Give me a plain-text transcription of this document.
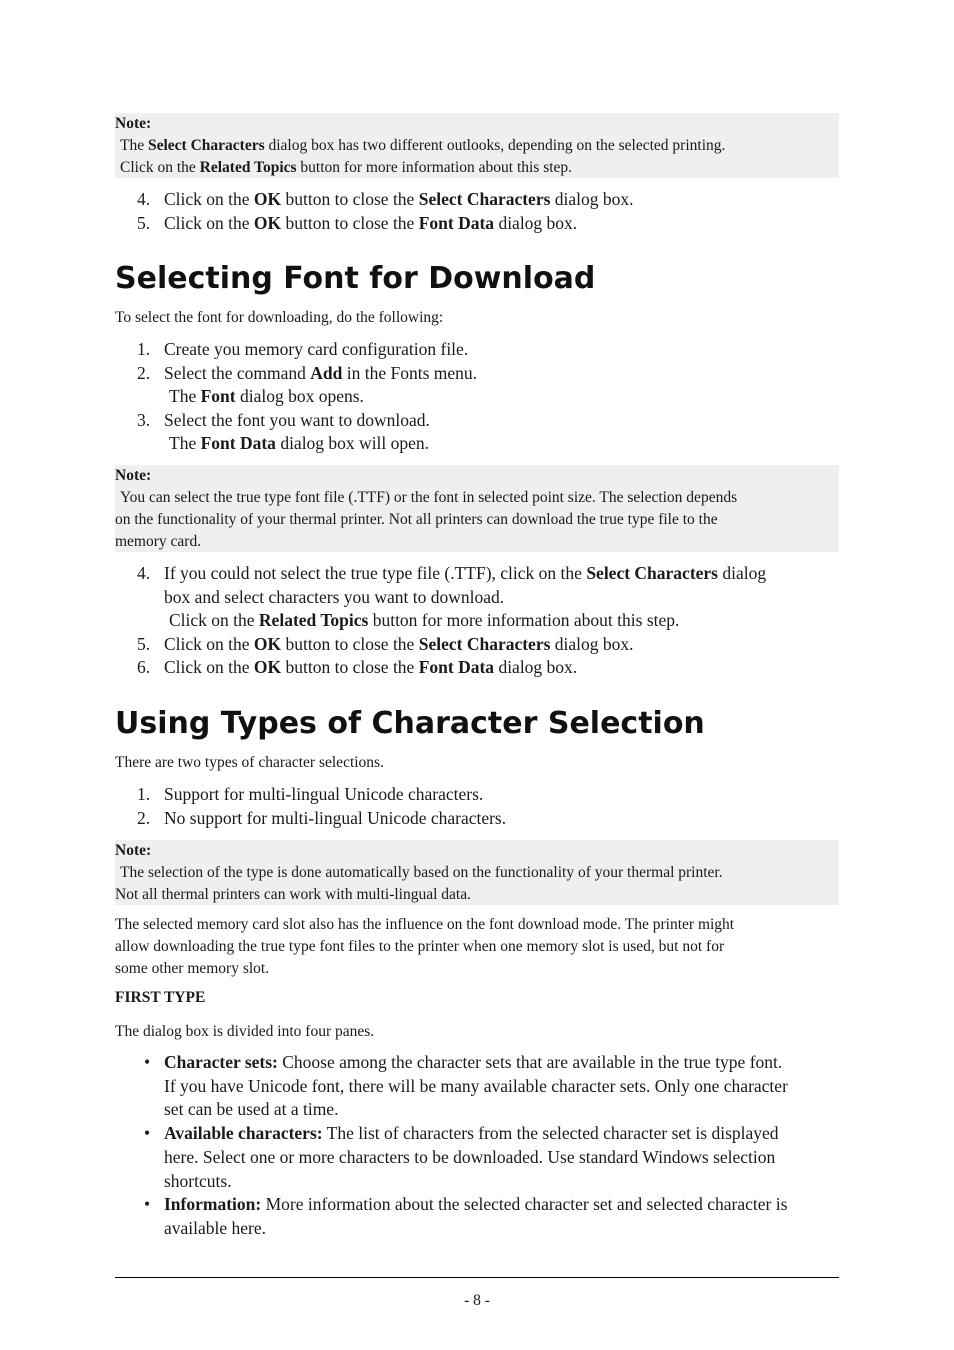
Note:
The Select Characters dialog box has two different outlooks, depending on the selected printing.
Click on the Related Topics button for more information about this step.
4. Click on the OK button to close the Select Characters dialog box.
5. Click on the OK button to close the Font Data dialog box.
Selecting Font for Download
To select the font for downloading, do the following:
1. Create you memory card configuration file.
2. Select the command Add in the Fonts menu.
The Font dialog box opens.
3. Select the font you want to download.
The Font Data dialog box will open.
Note:
You can select the true type font file (.TTF) or the font in selected point size. The selection depends
on the functionality of your thermal printer. Not all printers can download the true type file to the
memory card.
4. If you could not select the true type file (.TTF), click on the Select Characters dialog
box and select characters you want to download.
Click on the Related Topics button for more information about this step.
5. Click on the OK button to close the Select Characters dialog box.
6. Click on the OK button to close the Font Data dialog box.
Using Types of Character Selection
There are two types of character selections.
1. Support for multi-lingual Unicode characters.
2. No support for multi-lingual Unicode characters.
Note:
The selection of the type is done automatically based on the functionality of your thermal printer.
Not all thermal printers can work with multi-lingual data.
The selected memory card slot also has the influence on the font download mode. The printer might
allow downloading the true type font files to the printer when one memory slot is used, but not for
some other memory slot.
FIRST TYPE
The dialog box is divided into four panes.
• Character sets: Choose among the character sets that are available in the true type font.
If you have Unicode font, there will be many available character sets. Only one character
set can be used at a time.
• Available characters: The list of characters from the selected character set is displayed
here. Select one or more characters to be downloaded. Use standard Windows selection
shortcuts.
• Information: More information about the selected character set and selected character is
available here.
- 8 -
